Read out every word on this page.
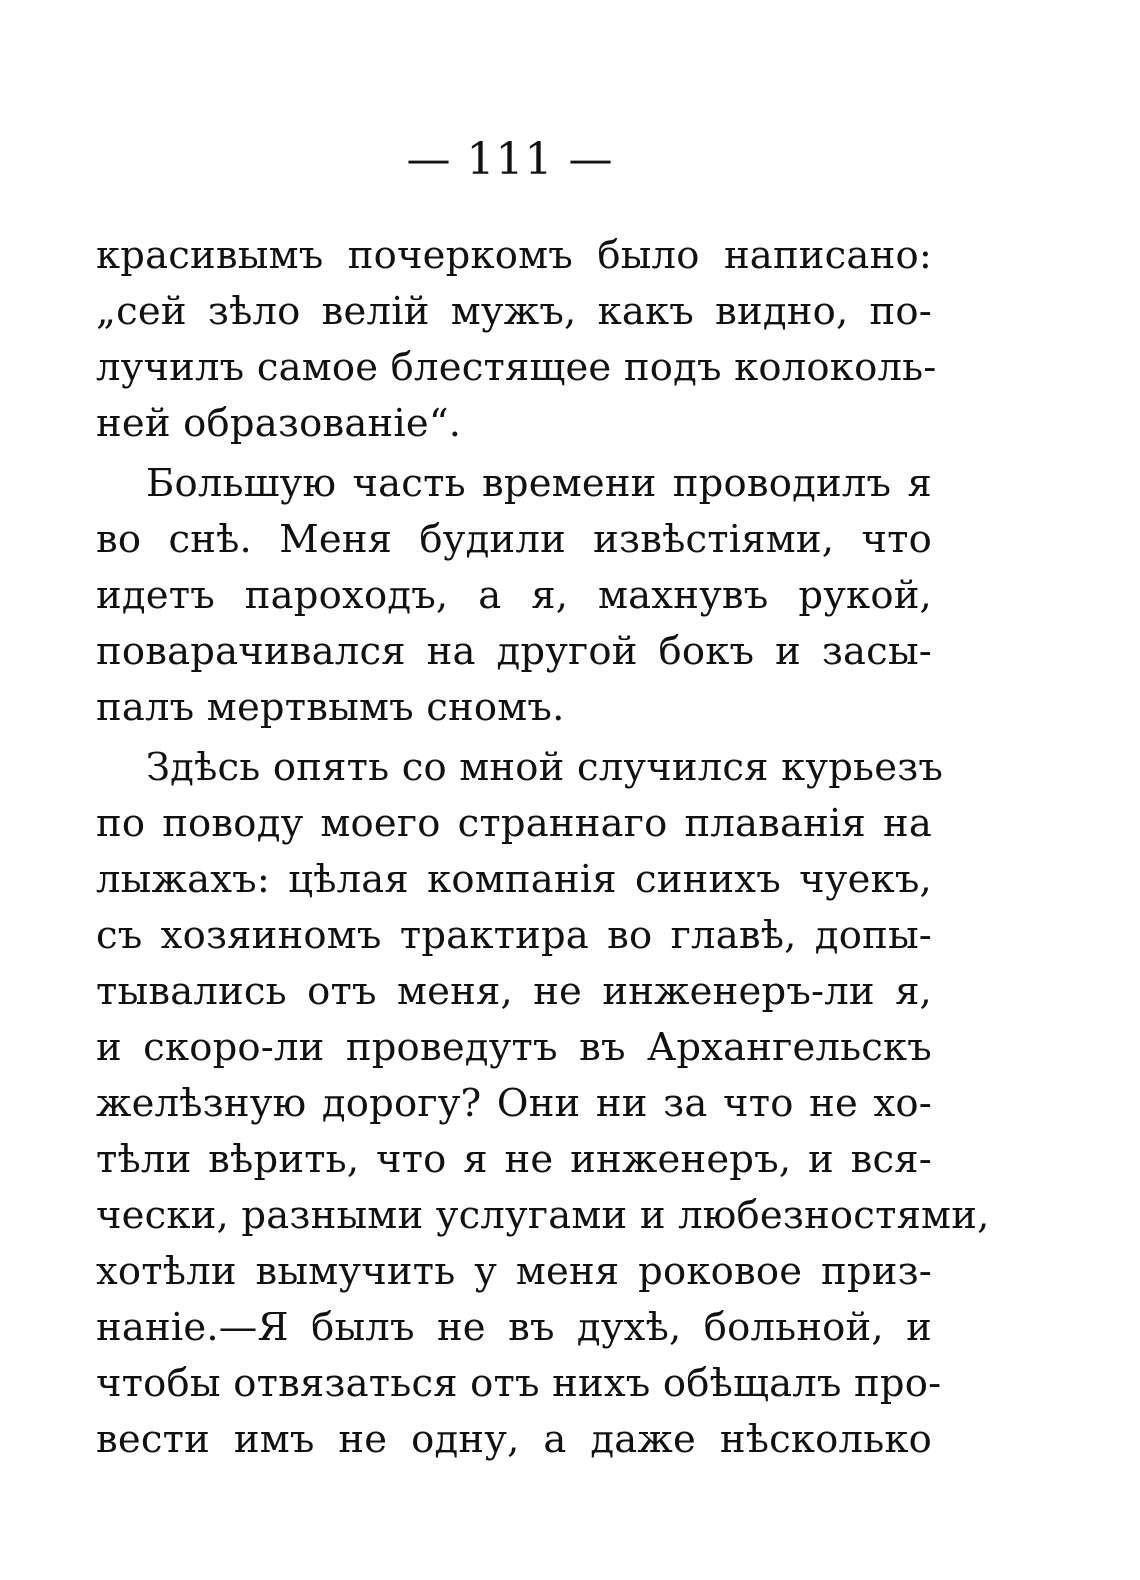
— 111 —
красивымъ почеркомъ было написано:
„сей зѣло велій мужъ, какъ видно, по-
лучилъ самое блестящее подъ колоколь-
ней образованіе“.
Большую часть времени проводилъ я
во снѣ. Меня будили извѣстіями, что
идетъ пароходъ, а я, махнувъ рукой,
поварачивался на другой бокъ и засы-
палъ мертвымъ сномъ.
Здѣсь опять со мной случился курьезъ
по поводу моего страннаго плаванія на
лыжахъ: цѣлая компанія синихъ чуекъ,
съ хозяиномъ трактира во главѣ, допы-
тывались отъ меня, не инженеръ-ли я,
и скоро-ли проведутъ въ Архангельскъ
желѣзную дорогу? Они ни за что не хо-
тѣли вѣрить, что я не инженеръ, и вся-
чески, разными услугами и любезностями,
хотѣли вымучить у меня роковое приз-
наніе.—Я былъ не въ духѣ, больной, и
чтобы отвязаться отъ нихъ обѣщалъ про-
вести имъ не одну, а даже нѣсколько
